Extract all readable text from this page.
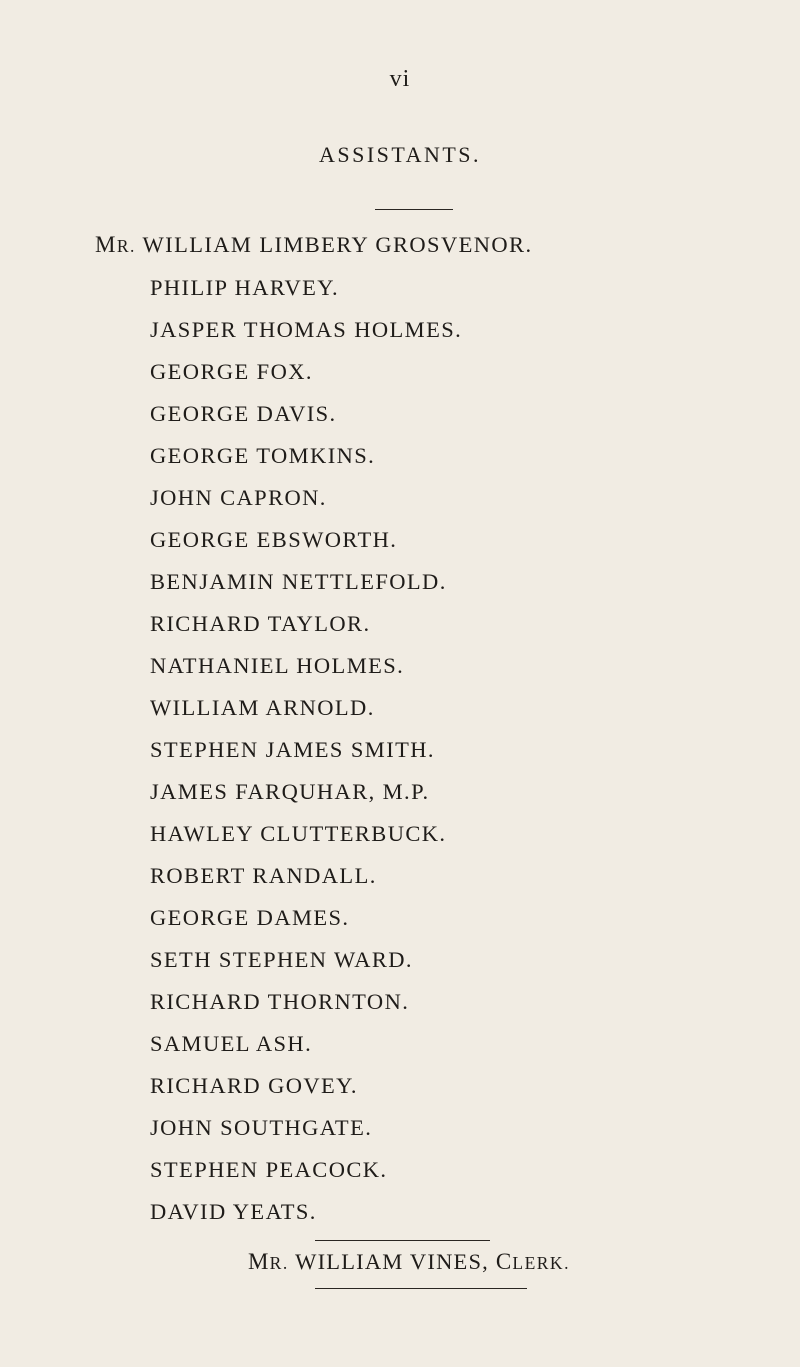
vi
ASSISTANTS.
MR. WILLIAM LIMBERY GROSVENOR.
PHILIP HARVEY.
JASPER THOMAS HOLMES.
GEORGE FOX.
GEORGE DAVIS.
GEORGE TOMKINS.
JOHN CAPRON.
GEORGE EBSWORTH.
BENJAMIN NETTLEFOLD.
RICHARD TAYLOR.
NATHANIEL HOLMES.
WILLIAM ARNOLD.
STEPHEN JAMES SMITH.
JAMES FARQUHAR, M.P.
HAWLEY CLUTTERBUCK.
ROBERT RANDALL.
GEORGE DAMES.
SETH STEPHEN WARD.
RICHARD THORNTON.
SAMUEL ASH.
RICHARD GOVEY.
JOHN SOUTHGATE.
STEPHEN PEACOCK.
DAVID YEATS.
MR. WILLIAM VINES, CLERK.
